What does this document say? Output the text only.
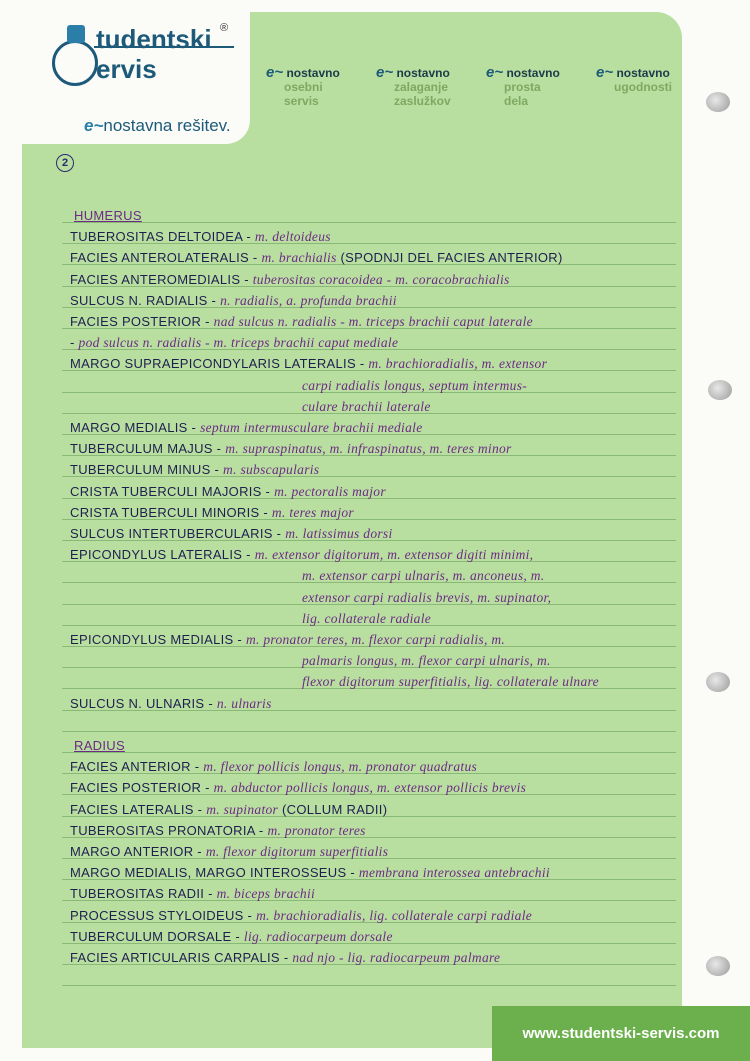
tudentski
ervis
®
e~nostavna rešitev.
e~ nostavno
osebni
servis
e~ nostavno
zalaganje
zaslužkov
e~ nostavno
prosta
dela
e~ nostavno
ugodnosti
2
HUMERUS
TUBEROSITAS DELTOIDEA - m. deltoideus
FACIES ANTEROLATERALIS - m. brachialis (SPODNJI DEL FACIES ANTERIOR)
FACIES ANTEROMEDIALIS - tuberositas coracoidea - m. coracobrachialis
SULCUS N. RADIALIS - n. radialis, a. profunda brachii
FACIES POSTERIOR - nad sulcus n. radialis - m. triceps brachii caput laterale
- pod sulcus n. radialis - m. triceps brachii caput mediale
MARGO SUPRAEPICONDYLARIS LATERALIS - m. brachioradialis, m. extensor
carpi radialis longus, septum intermus-
culare brachii laterale
MARGO MEDIALIS - septum intermusculare brachii mediale
TUBERCULUM MAJUS - m. supraspinatus, m. infraspinatus, m. teres minor
TUBERCULUM MINUS - m. subscapularis
CRISTA TUBERCULI MAJORIS - m. pectoralis major
CRISTA TUBERCULI MINORIS - m. teres major
SULCUS INTERTUBERCULARIS - m. latissimus dorsi
EPICONDYLUS LATERALIS - m. extensor digitorum, m. extensor digiti minimi,
m. extensor carpi ulnaris, m. anconeus, m.
extensor carpi radialis brevis, m. supinator,
lig. collaterale radiale
EPICONDYLUS MEDIALIS - m. pronator teres, m. flexor carpi radialis, m.
palmaris longus, m. flexor carpi ulnaris, m.
flexor digitorum superfitialis, lig. collaterale ulnare
SULCUS N. ULNARIS - n. ulnaris
RADIUS
FACIES ANTERIOR - m. flexor pollicis longus, m. pronator quadratus
FACIES POSTERIOR - m. abductor pollicis longus, m. extensor pollicis brevis
FACIES LATERALIS - m. supinator (COLLUM RADII)
TUBEROSITAS PRONATORIA - m. pronator teres
MARGO ANTERIOR - m. flexor digitorum superfitialis
MARGO MEDIALIS, MARGO INTEROSSEUS - membrana interossea antebrachii
TUBEROSITAS RADII - m. biceps brachii
PROCESSUS STYLOIDEUS - m. brachioradialis, lig. collaterale carpi radiale
TUBERCULUM DORSALE - lig. radiocarpeum dorsale
FACIES ARTICULARIS CARPALIS - nad njo - lig. radiocarpeum palmare
www.studentski-servis.com
